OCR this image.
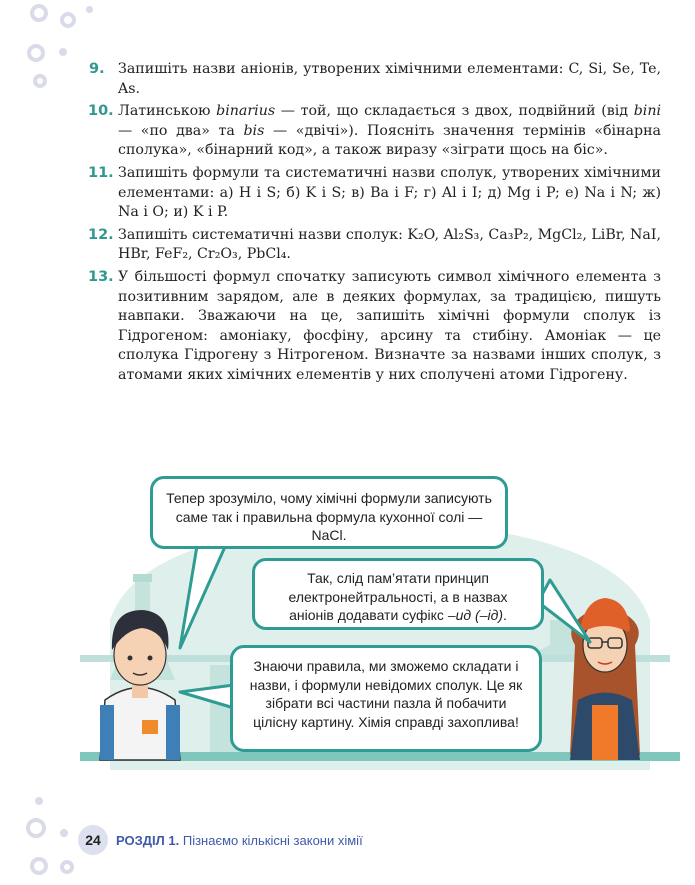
9. Запишіть назви аніонів, утворених хімічними елементами: C, Si, Se, Te, As.
10. Латинською binarius — той, що складається з двох, подвійний (від bini — «по два» та bis — «двічі»). Поясніть значення термінів «бінарна сполука», «бінарний код», а також виразу «зіграти щось на біс».
11. Запишіть формули та систематичні назви сполук, утворених хімічними елементами: а) H і S; б) K і S; в) Ba і F; г) Al і I; д) Mg і P; е) Na і N; ж) Na і O; и) K і P.
12. Запишіть систематичні назви сполук: K₂O, Al₂S₃, Ca₃P₂, MgCl₂, LiBr, NaI, HBr, FeF₂, Cr₂O₃, PbCl₄.
13. У більшості формул спочатку записують символ хімічного елемента з позитивним зарядом, але в деяких формулах, за традицією, пишуть навпаки. Зважаючи на це, запишіть хімічні формули сполук із Гідрогеном: амоніаку, фосфіну, арсину та стибіну. Амоніак — це сполука Гідрогену з Нітрогеном. Визначте за назвами інших сполук, з атомами яких хімічних елементів у них сполучені атоми Гідрогену.
Тепер зрозуміло, чому хімічні формули записують саме так і правильна формула кухонної солі — NaCl.
Так, слід пам’ятати принцип електронейтральності, а в назвах аніонів додавати суфікс –ид (–ід).
Знаючи правила, ми зможемо складати і назви, і формули невідомих сполук. Це як зібрати всі частини пазла й побачити цілісну картину. Хімія справді захоплива!
24	РОЗДІЛ 1. Пізнаємо кількісні закони хімії
